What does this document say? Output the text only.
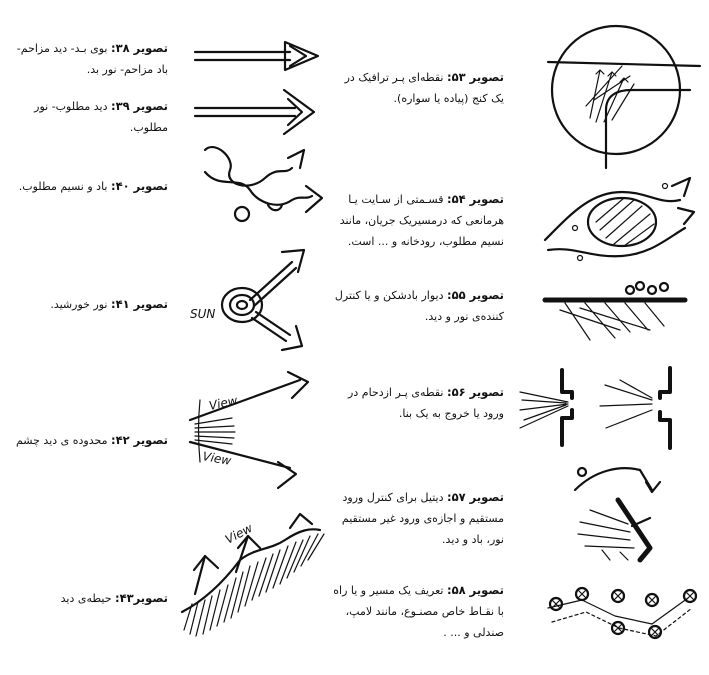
تصویر ۳۸: بوی بـد- دید مزاحم-
باد مزاحم- نور بد.
تصویر ۳۹: دید مطلوب- نور مطلوب.
تصویر ۴۰: باد و نسیم مطلوب.
تصویر ۴۱: نور خورشید.
تصویر ۴۲: محدوده ی دید چشم
تصویر۴۳: حیطه‌ی دید
تصویر ۵۳: نقطه‌ای پـر ترافیک در
یک کنج (پیاده یا سواره).
تصویر ۵۴: قسـمتی از سـایت یـا
هرمانعی که درمسیریک جریان، مانند
نسیم مطلوب، رودخانه و ... است.
تصویر ۵۵: دیوار بادشکن و یا کنترل
کننده‌ی نور و دید.
تصویر ۵۶: نقطه‌ی پـر ازدحام در
ورود یا خروج به یک بنا.
تصویر ۵۷: دیتیل برای کنترل ورود
مستقیم و اجازه‌ی ورود غیر مستقیم
نور، باد و دید.
تصویر ۵۸: تعریف یک مسیر و یا راه
با نقـاط خاص مصنـوع، مانند لامپ،
صندلی و ... .
SUN
View
View
View
